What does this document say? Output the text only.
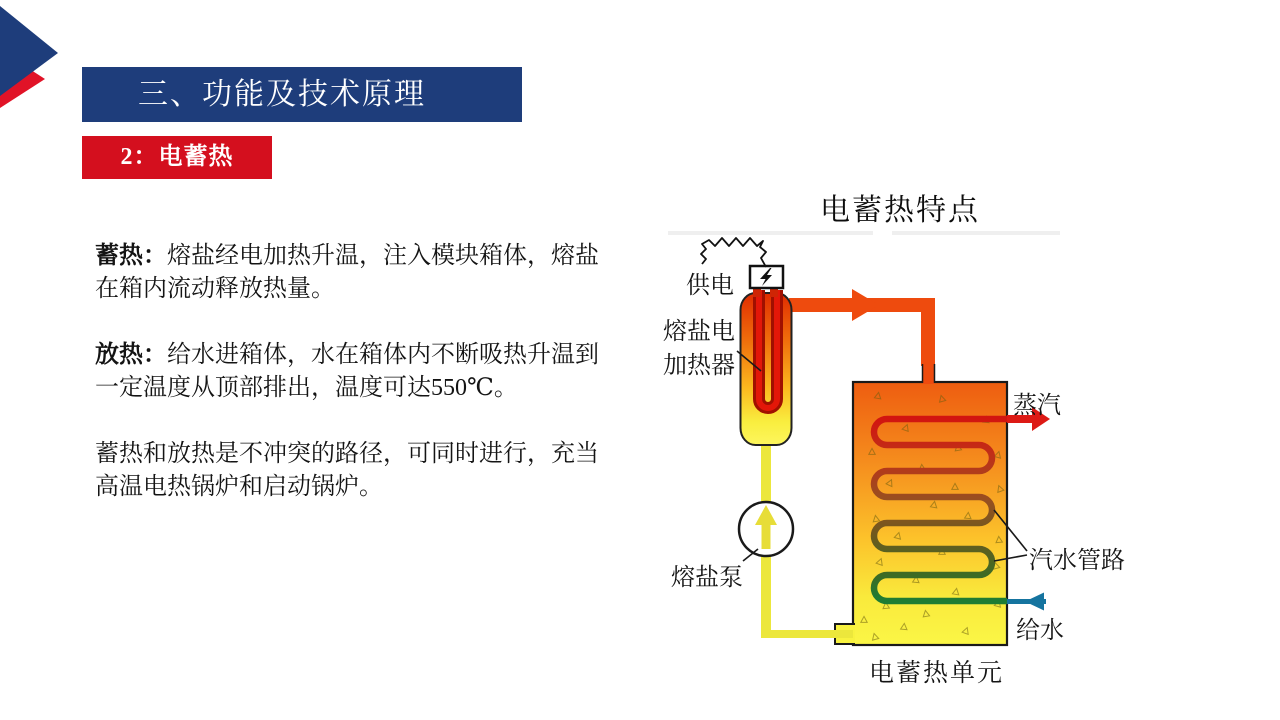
三、功能及技术原理
2：电蓄热

蓄热：熔盐经电加热升温，注入模块箱体，熔盐在箱内流动释放热量。

放热：给水进箱体，水在箱体内不断吸热升温到一定温度从顶部排出，温度可达550℃。

蓄热和放热是不冲突的路径，可同时进行，充当高温电热锅炉和启动锅炉。

电蓄热特点
供电
熔盐电
加热器
熔盐泵
蒸汽
汽水管路
给水
电蓄热单元
